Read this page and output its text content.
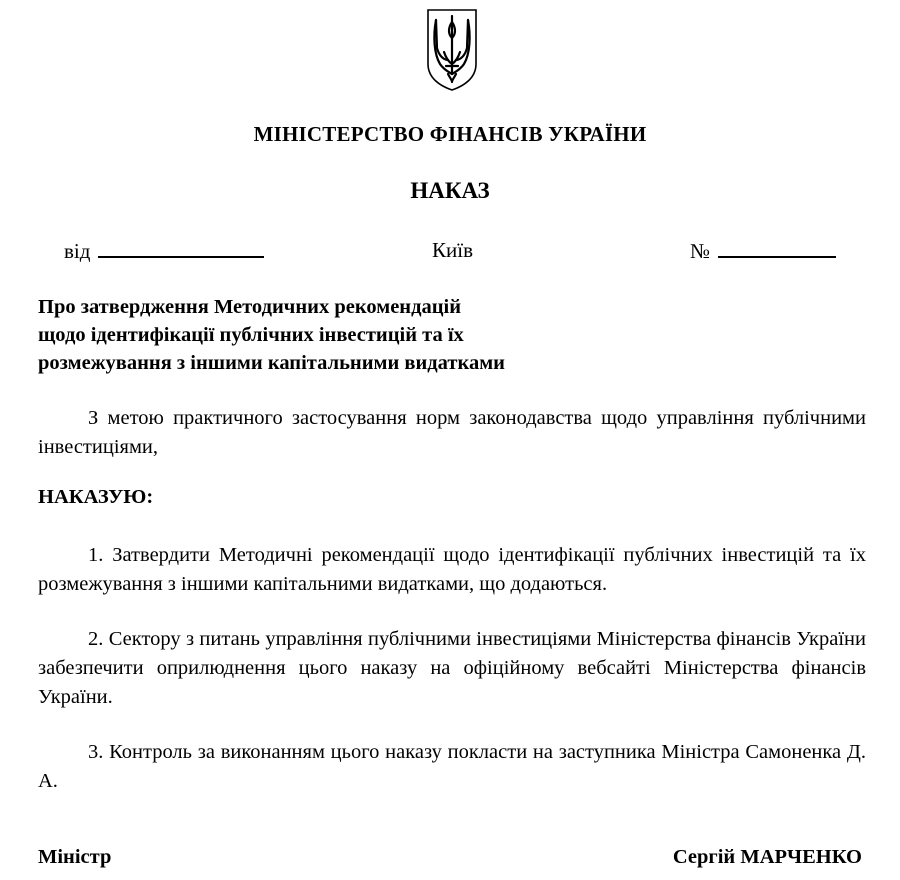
МІНІСТЕРСТВО ФІНАНСІВ УКРАЇНИ
НАКАЗ
від	Київ	№
Про затвердження Методичних рекомендацій
щодо ідентифікації публічних інвестицій та їх
розмежування з іншими капітальними видатками
З метою практичного застосування норм законодавства щодо управління публічними інвестиціями,
НАКАЗУЮ:
1. Затвердити Методичні рекомендації щодо ідентифікації публічних інвестицій та їх розмежування з іншими капітальними видатками, що додаються.
2. Сектору з питань управління публічними інвестиціями Міністерства фінансів України забезпечити оприлюднення цього наказу на офіційному вебсайті Міністерства фінансів України.
3. Контроль за виконанням цього наказу покласти на заступника Міністра Самоненка Д. А.
Міністр	Сергій МАРЧЕНКО
